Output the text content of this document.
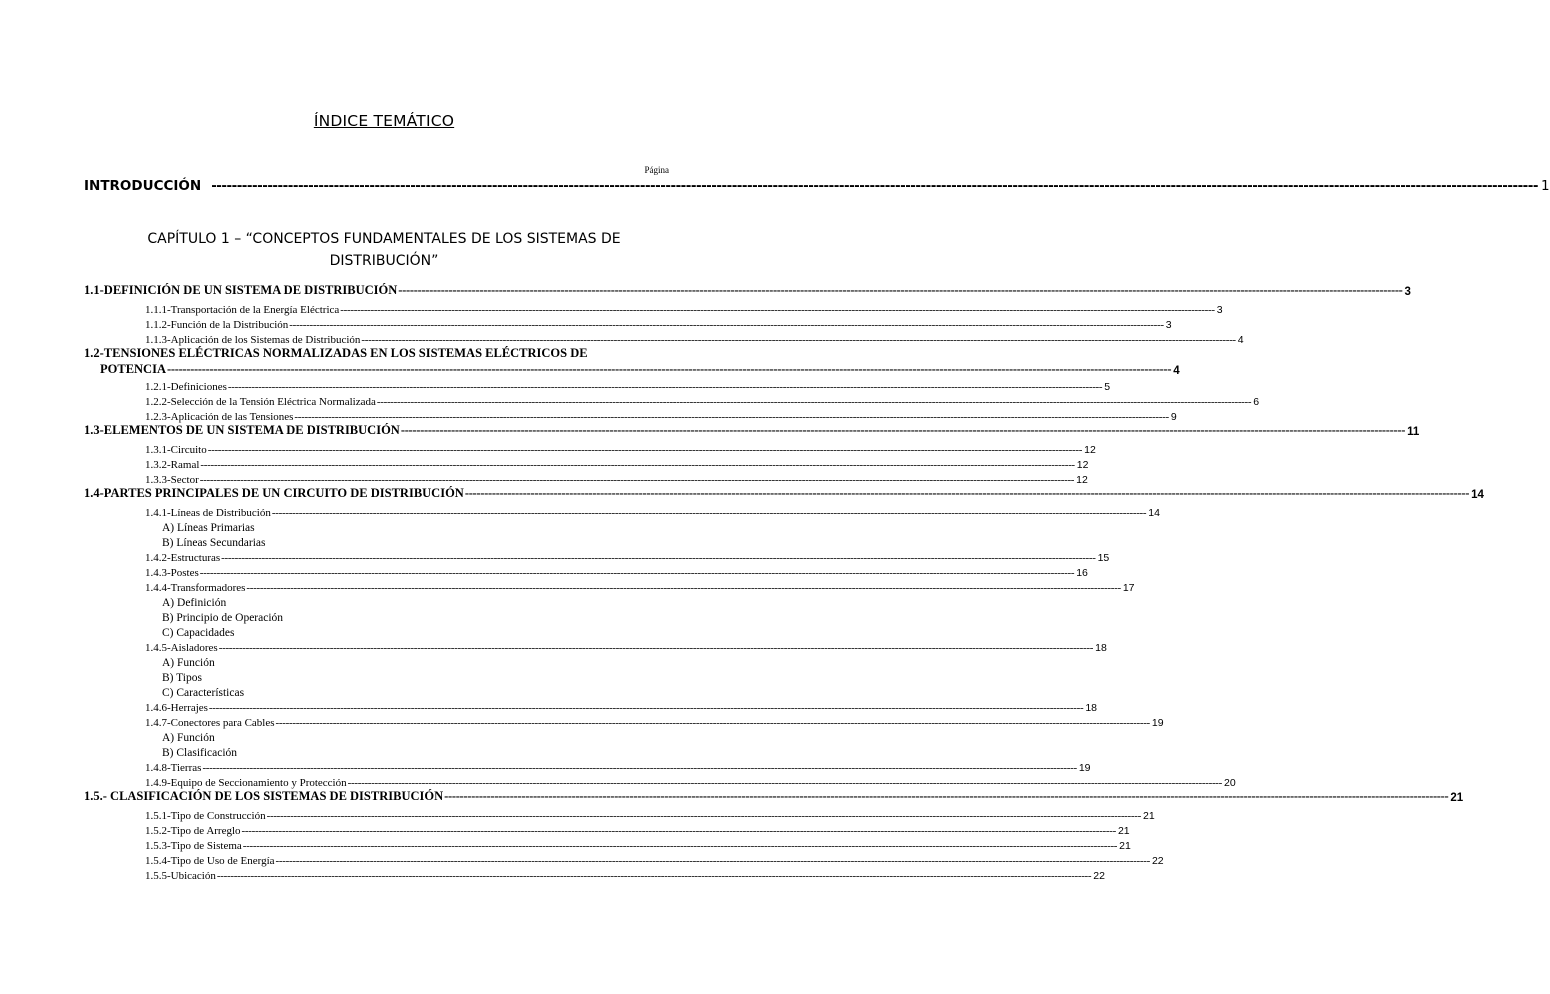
ÍNDICE TEMÁTICO
Página
INTRODUCCIÓN -------------------------------------------------------------------------------------------------------------------------------------------------------------------------------------------------------------------------------------------------------------------- 1
CAPÍTULO 1 – “CONCEPTOS FUNDAMENTALES DE LOS SISTEMAS DE
DISTRIBUCIÓN”
1.1-DEFINICIÓN DE UN SISTEMA DE DISTRIBUCIÓN -------------------------------------------------------------------------------------------------------------------------------------------------------------------------------------------------------------------------------------------------------------------- 3
1.1.1-Transportación de la Energía Eléctrica -------------------------------------------------------------------------------------------------------------------------------------------------------------------------------------------------------------------------------------------------------------------- 3
1.1.2-Función de la Distribución -------------------------------------------------------------------------------------------------------------------------------------------------------------------------------------------------------------------------------------------------------------------- 3
1.1.3-Aplicación de los Sistemas de Distribución -------------------------------------------------------------------------------------------------------------------------------------------------------------------------------------------------------------------------------------------------------------------- 4
1.2-TENSIONES ELÉCTRICAS NORMALIZADAS EN LOS SISTEMAS ELÉCTRICOS DE
POTENCIA -------------------------------------------------------------------------------------------------------------------------------------------------------------------------------------------------------------------------------------------------------------------- 4
1.2.1-Definiciones -------------------------------------------------------------------------------------------------------------------------------------------------------------------------------------------------------------------------------------------------------------------- 5
1.2.2-Selección de la Tensión Eléctrica Normalizada -------------------------------------------------------------------------------------------------------------------------------------------------------------------------------------------------------------------------------------------------------------------- 6
1.2.3-Aplicación de las Tensiones -------------------------------------------------------------------------------------------------------------------------------------------------------------------------------------------------------------------------------------------------------------------- 9
1.3-ELEMENTOS DE UN SISTEMA DE DISTRIBUCIÓN -------------------------------------------------------------------------------------------------------------------------------------------------------------------------------------------------------------------------------------------------------------------- 11
1.3.1-Circuito -------------------------------------------------------------------------------------------------------------------------------------------------------------------------------------------------------------------------------------------------------------------- 12
1.3.2-Ramal -------------------------------------------------------------------------------------------------------------------------------------------------------------------------------------------------------------------------------------------------------------------- 12
1.3.3-Sector -------------------------------------------------------------------------------------------------------------------------------------------------------------------------------------------------------------------------------------------------------------------- 12
1.4-PARTES PRINCIPALES DE UN CIRCUITO DE DISTRIBUCIÓN -------------------------------------------------------------------------------------------------------------------------------------------------------------------------------------------------------------------------------------------------------------------- 14
1.4.1-Líneas de Distribución -------------------------------------------------------------------------------------------------------------------------------------------------------------------------------------------------------------------------------------------------------------------- 14
A) Líneas Primarias
B) Líneas Secundarias
1.4.2-Estructuras -------------------------------------------------------------------------------------------------------------------------------------------------------------------------------------------------------------------------------------------------------------------- 15
1.4.3-Postes -------------------------------------------------------------------------------------------------------------------------------------------------------------------------------------------------------------------------------------------------------------------- 16
1.4.4-Transformadores -------------------------------------------------------------------------------------------------------------------------------------------------------------------------------------------------------------------------------------------------------------------- 17
A) Definición
B) Principio de Operación
C) Capacidades
1.4.5-Aisladores -------------------------------------------------------------------------------------------------------------------------------------------------------------------------------------------------------------------------------------------------------------------- 18
A) Función
B) Tipos
C) Características
1.4.6-Herrajes -------------------------------------------------------------------------------------------------------------------------------------------------------------------------------------------------------------------------------------------------------------------- 18
1.4.7-Conectores para Cables -------------------------------------------------------------------------------------------------------------------------------------------------------------------------------------------------------------------------------------------------------------------- 19
A) Función
B) Clasificación
1.4.8-Tierras -------------------------------------------------------------------------------------------------------------------------------------------------------------------------------------------------------------------------------------------------------------------- 19
1.4.9-Equipo de Seccionamiento y Protección -------------------------------------------------------------------------------------------------------------------------------------------------------------------------------------------------------------------------------------------------------------------- 20
1.5.- CLASIFICACIÓN DE LOS SISTEMAS DE DISTRIBUCIÓN -------------------------------------------------------------------------------------------------------------------------------------------------------------------------------------------------------------------------------------------------------------------- 21
1.5.1-Tipo de Construcción -------------------------------------------------------------------------------------------------------------------------------------------------------------------------------------------------------------------------------------------------------------------- 21
1.5.2-Tipo de Arreglo -------------------------------------------------------------------------------------------------------------------------------------------------------------------------------------------------------------------------------------------------------------------- 21
1.5.3-Tipo de Sistema -------------------------------------------------------------------------------------------------------------------------------------------------------------------------------------------------------------------------------------------------------------------- 21
1.5.4-Tipo de Uso de Energía -------------------------------------------------------------------------------------------------------------------------------------------------------------------------------------------------------------------------------------------------------------------- 22
1.5.5-Ubicación -------------------------------------------------------------------------------------------------------------------------------------------------------------------------------------------------------------------------------------------------------------------- 22
